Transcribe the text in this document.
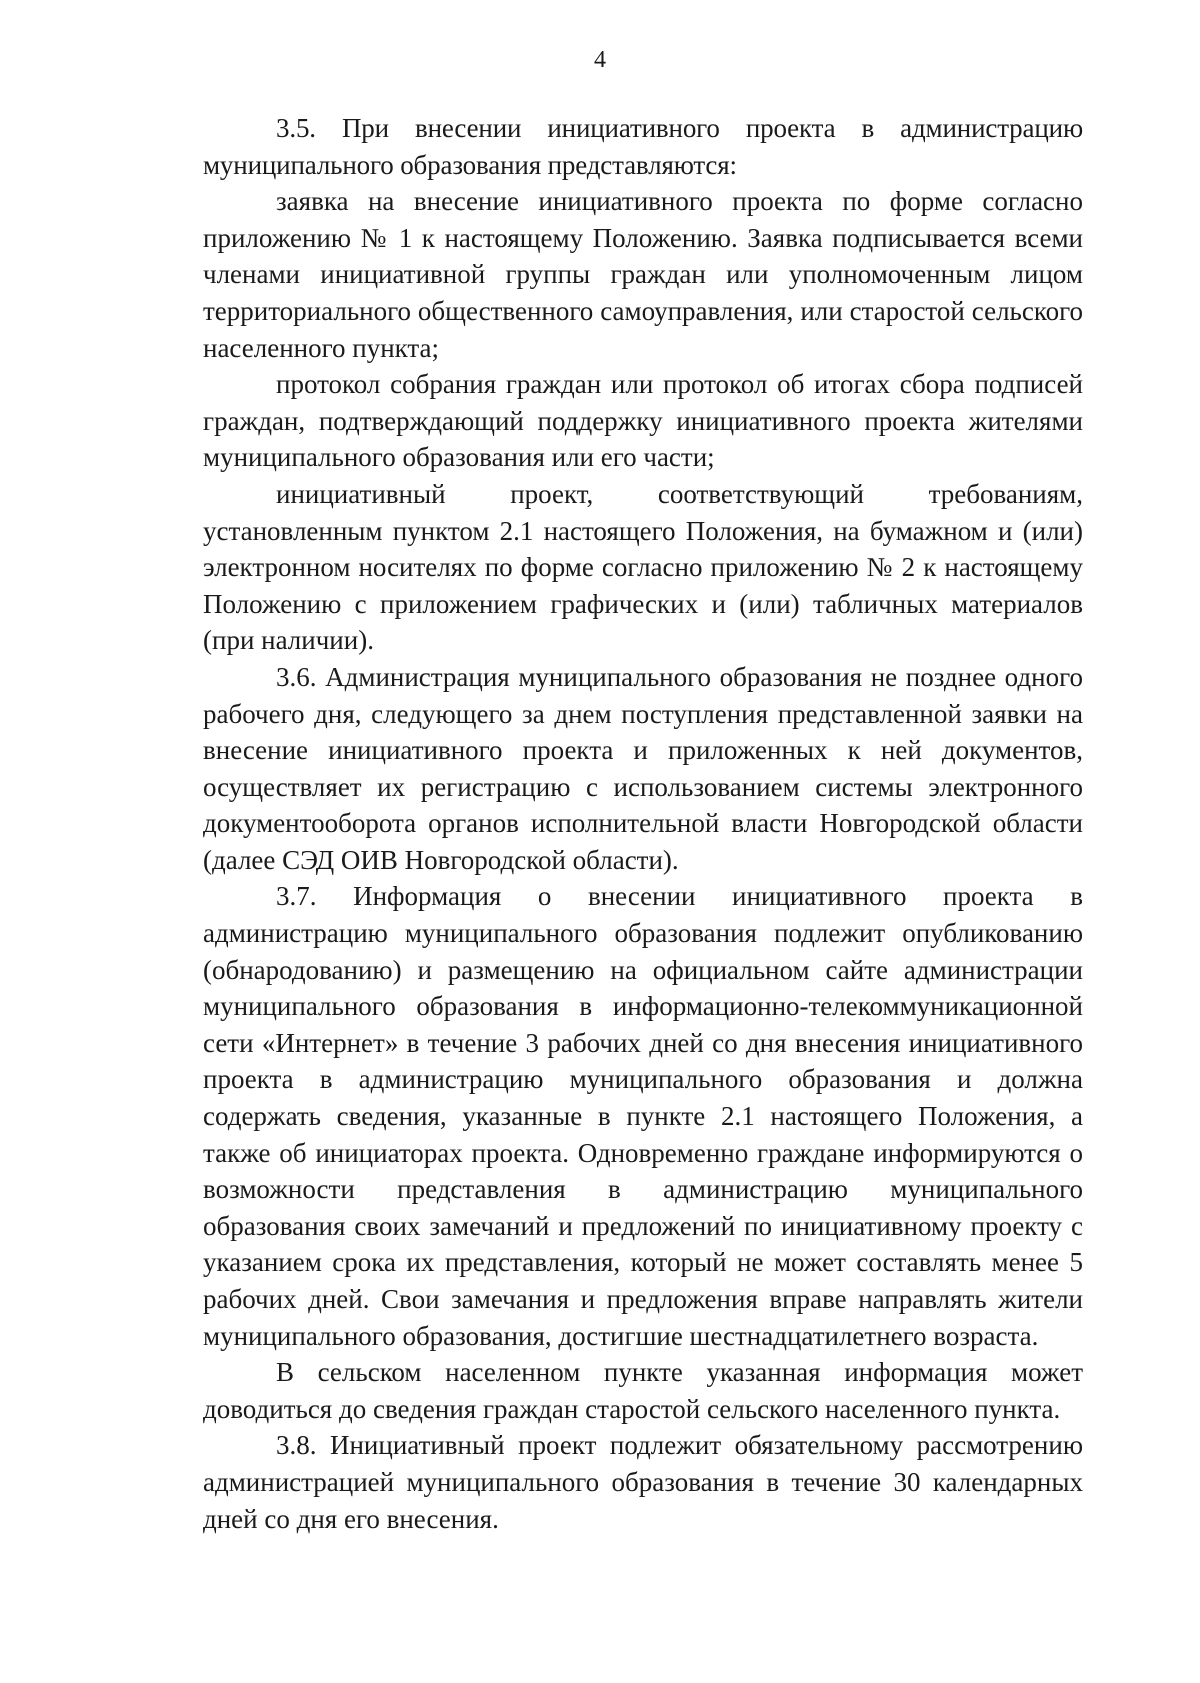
4

3.5. При внесении инициативного проекта в администрацию муниципального образования представляются:

заявка на внесение инициативного проекта по форме согласно приложению № 1 к настоящему Положению. Заявка подписывается всеми членами инициативной группы граждан или уполномоченным лицом территориального общественного самоуправления, или старостой сельского населенного пункта;

протокол собрания граждан или протокол об итогах сбора подписей граждан, подтверждающий поддержку инициативного проекта жителями муниципального образования или его части;

инициативный проект, соответствующий требованиям, установленным пунктом 2.1 настоящего Положения, на бумажном и (или) электронном носителях по форме согласно приложению № 2 к настоящему Положению с приложением графических и (или) табличных материалов (при наличии).

3.6. Администрация муниципального образования не позднее одного рабочего дня, следующего за днем поступления представленной заявки на внесение инициативного проекта и приложенных к ней документов, осуществляет их регистрацию с использованием системы электронного документооборота органов исполнительной власти Новгородской области (далее СЭД ОИВ Новгородской области).

3.7. Информация о внесении инициативного проекта в администрацию муниципального образования подлежит опубликованию (обнародованию) и размещению на официальном сайте администрации муниципального образования в информационно-телекоммуникационной сети «Интернет» в течение 3 рабочих дней со дня внесения инициативного проекта в администрацию муниципального образования и должна содержать сведения, указанные в пункте 2.1 настоящего Положения, а также об инициаторах проекта. Одновременно граждане информируются о возможности представления в администрацию муниципального образования своих замечаний и предложений по инициативному проекту с указанием срока их представления, который не может составлять менее 5 рабочих дней. Свои замечания и предложения вправе направлять жители муниципального образования, достигшие шестнадцатилетнего возраста.

В сельском населенном пункте указанная информация может доводиться до сведения граждан старостой сельского населенного пункта.

3.8. Инициативный проект подлежит обязательному рассмотрению администрацией муниципального образования в течение 30 календарных дней со дня его внесения.
